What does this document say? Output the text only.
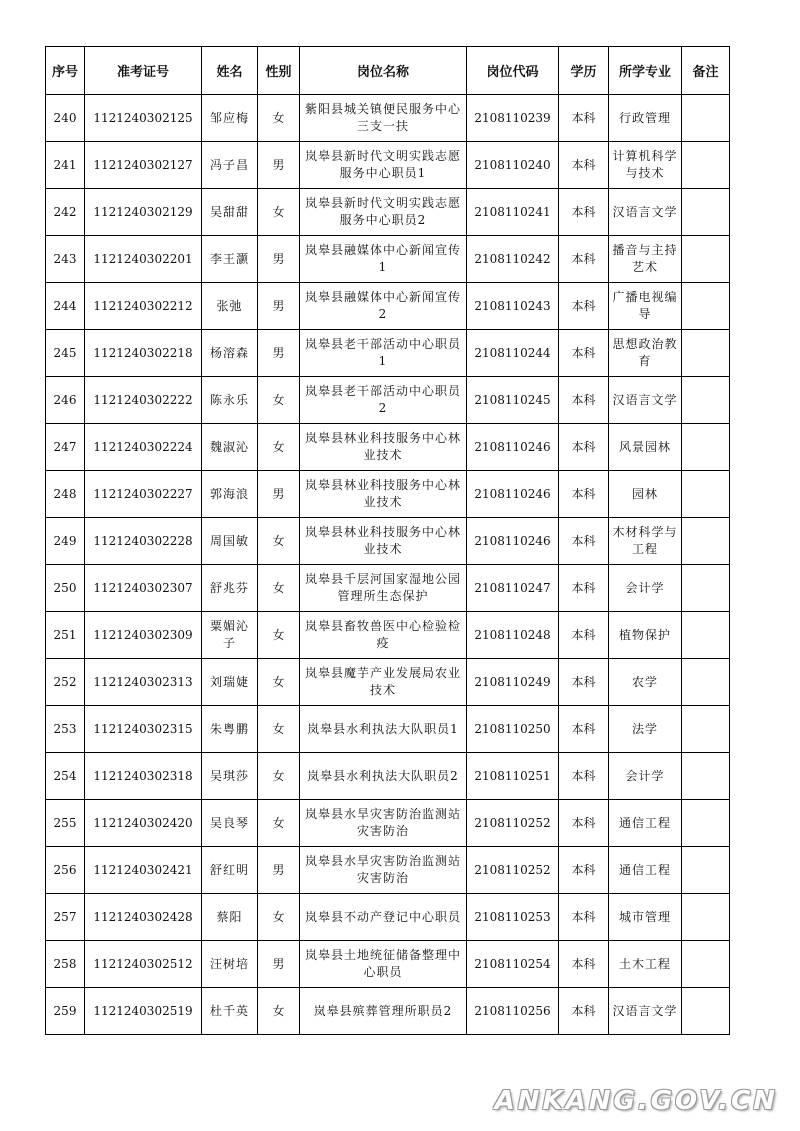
序号	准考证号	姓名	性别	岗位名称	岗位代码	学历	所学专业	备注
240	1121240302125	邹应梅	女	紫阳县城关镇便民服务中心三支一扶	2108110239	本科	行政管理	
241	1121240302127	冯子昌	男	岚皋县新时代文明实践志愿服务中心职员1	2108110240	本科	计算机科学与技术	
242	1121240302129	吴甜甜	女	岚皋县新时代文明实践志愿服务中心职员2	2108110241	本科	汉语言文学	
243	1121240302201	李王灏	男	岚皋县融媒体中心新闻宣传1	2108110242	本科	播音与主持艺术	
244	1121240302212	张弛	男	岚皋县融媒体中心新闻宣传2	2108110243	本科	广播电视编导	
245	1121240302218	杨溶森	男	岚皋县老干部活动中心职员1	2108110244	本科	思想政治教育	
246	1121240302222	陈永乐	女	岚皋县老干部活动中心职员2	2108110245	本科	汉语言文学	
247	1121240302224	魏淑沁	女	岚皋县林业科技服务中心林业技术	2108110246	本科	风景园林	
248	1121240302227	郭海浪	男	岚皋县林业科技服务中心林业技术	2108110246	本科	园林	
249	1121240302228	周国敏	女	岚皋县林业科技服务中心林业技术	2108110246	本科	木材科学与工程	
250	1121240302307	舒兆芬	女	岚皋县千层河国家湿地公园管理所生态保护	2108110247	本科	会计学	
251	1121240302309	粟媚沁子	女	岚皋县畜牧兽医中心检验检疫	2108110248	本科	植物保护	
252	1121240302313	刘瑞婕	女	岚皋县魔芋产业发展局农业技术	2108110249	本科	农学	
253	1121240302315	朱粤鹏	女	岚皋县水利执法大队职员1	2108110250	本科	法学	
254	1121240302318	吴琪莎	女	岚皋县水利执法大队职员2	2108110251	本科	会计学	
255	1121240302420	吴良琴	女	岚皋县水旱灾害防治监测站灾害防治	2108110252	本科	通信工程	
256	1121240302421	舒红明	男	岚皋县水旱灾害防治监测站灾害防治	2108110252	本科	通信工程	
257	1121240302428	蔡阳	女	岚皋县不动产登记中心职员	2108110253	本科	城市管理	
258	1121240302512	汪树培	男	岚皋县土地统征储备整理中心职员	2108110254	本科	土木工程	
259	1121240302519	杜千英	女	岚皋县殡葬管理所职员2	2108110256	本科	汉语言文学	
ANKANG.GOV.CN
